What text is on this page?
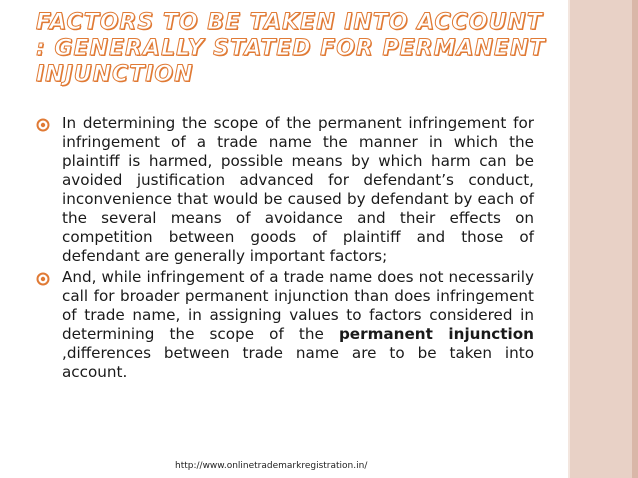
FACTORS TO BE TAKEN INTO ACCOUNT : GENERALLY STATED FOR PERMANENT INJUNCTION
In determining the scope of the permanent infringement for infringement of a trade name the manner in which the plaintiff is harmed, possible means by which harm can be avoided justification advanced for defendant’s conduct, inconvenience that would be caused by defendant by each of the several means of avoidance and their effects on competition between goods of plaintiff and those of defendant are generally important factors;
And, while infringement of a trade name does not necessarily call for broader permanent injunction than does infringement of trade name, in assigning values to factors considered in determining the scope of the permanent injunction ,differences between trade name are to be taken into account.
http://www.onlinetrademarkregistration.in/
